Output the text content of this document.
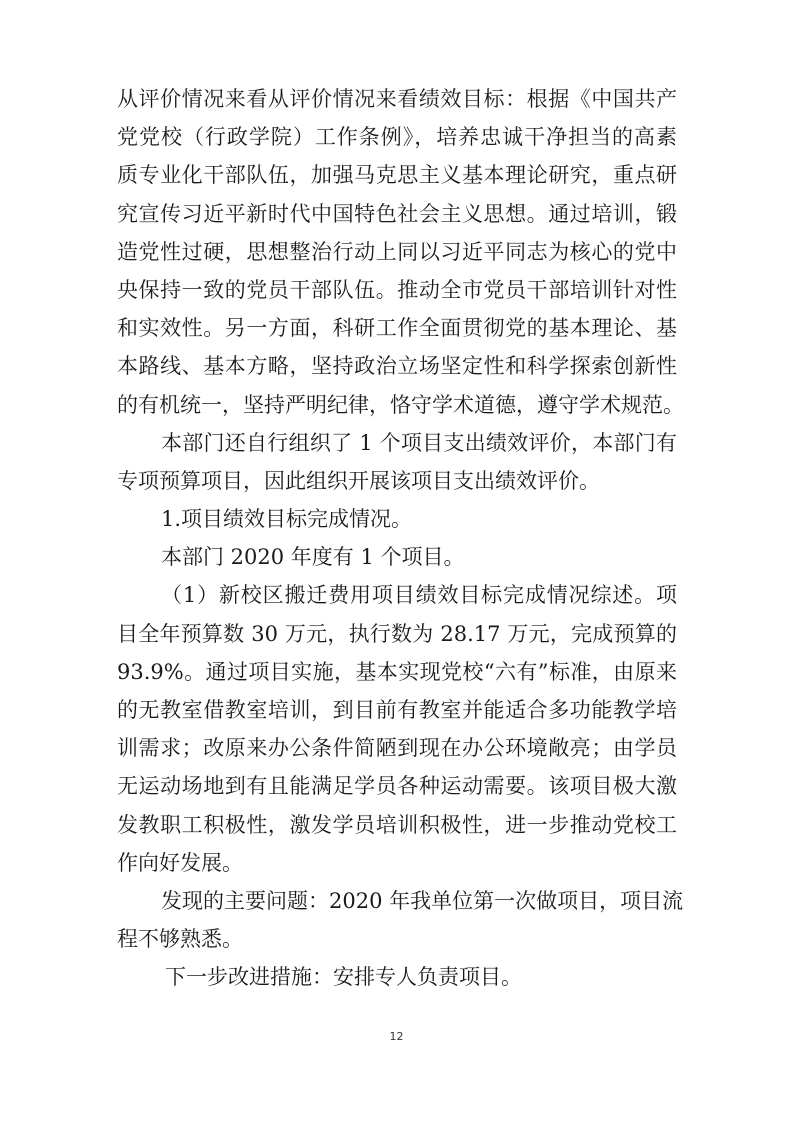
从评价情况来看从评价情况来看绩效目标：根据《中国共产
党党校（行政学院）工作条例》，培养忠诚干净担当的高素
质专业化干部队伍，加强马克思主义基本理论研究，重点研
究宣传习近平新时代中国特色社会主义思想。通过培训，锻
造党性过硬，思想整治行动上同以习近平同志为核心的党中
央保持一致的党员干部队伍。推动全市党员干部培训针对性
和实效性。另一方面，科研工作全面贯彻党的基本理论、基
本路线、基本方略，坚持政治立场坚定性和科学探索创新性
的有机统一，坚持严明纪律，恪守学术道德，遵守学术规范。
本部门还自行组织了 1 个项目支出绩效评价，本部门有
专项预算项目，因此组织开展该项目支出绩效评价。
1.项目绩效目标完成情况。
本部门 2020 年度有 1 个项目。
（1）新校区搬迁费用项目绩效目标完成情况综述。项
目全年预算数 30 万元，执行数为 28.17 万元，完成预算的
93.9%。通过项目实施，基本实现党校“六有”标准，由原来
的无教室借教室培训，到目前有教室并能适合多功能教学培
训需求；改原来办公条件简陋到现在办公环境敞亮；由学员
无运动场地到有且能满足学员各种运动需要。该项目极大激
发教职工积极性，激发学员培训积极性，进一步推动党校工
作向好发展。
发现的主要问题：2020 年我单位第一次做项目，项目流
程不够熟悉。
下一步改进措施：安排专人负责项目。
12
